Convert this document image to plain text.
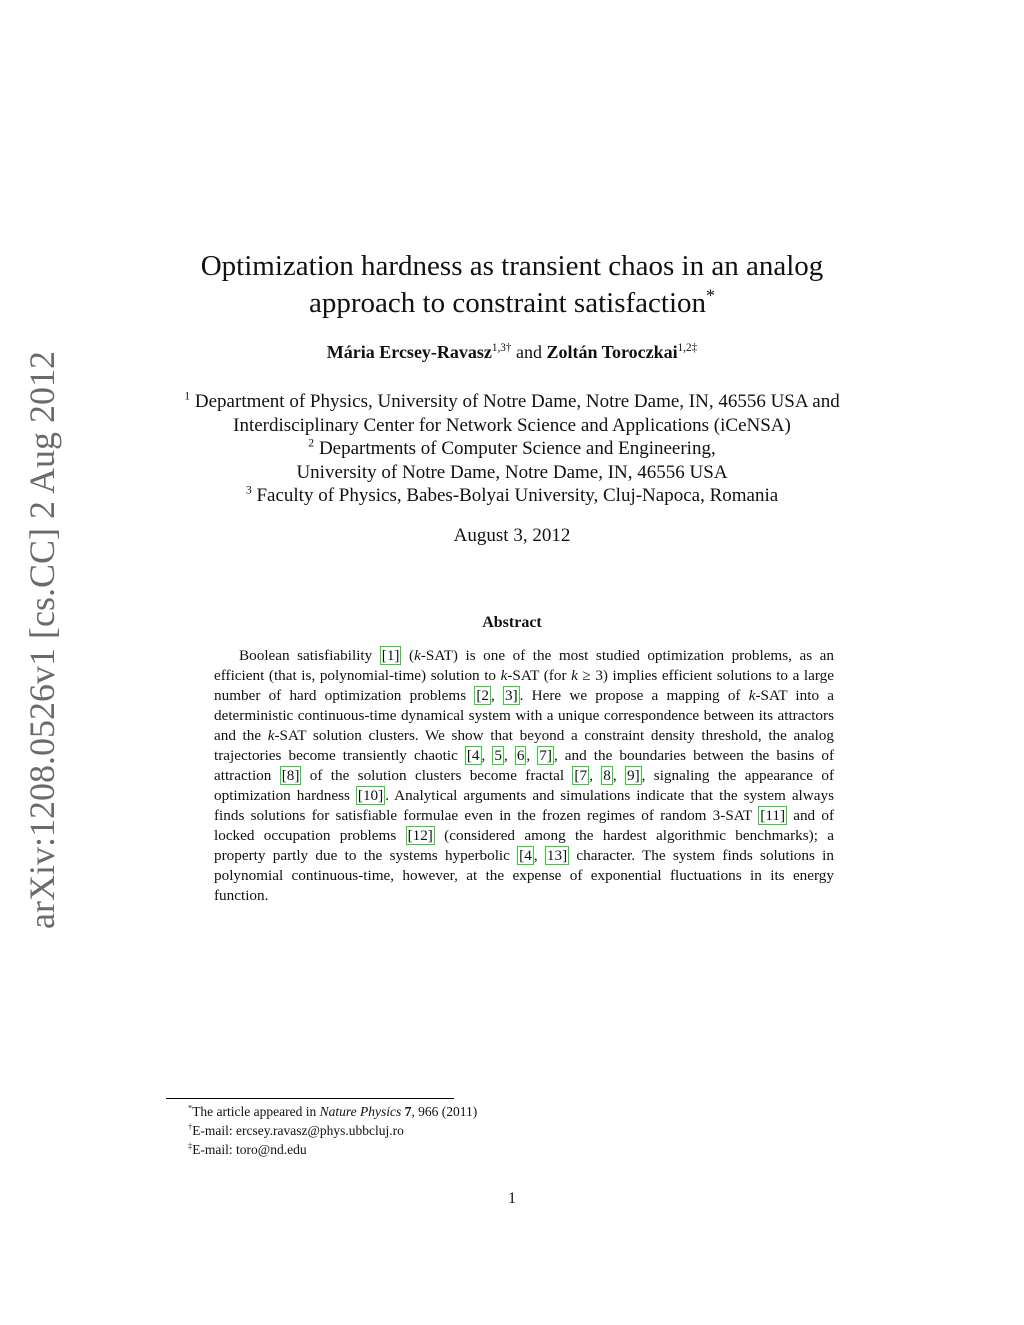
arXiv:1208.0526v1 [cs.CC] 2 Aug 2012
Optimization hardness as transient chaos in an analog
approach to constraint satisfaction*
Mária Ercsey-Ravasz$^{1,3\dagger}$ and Zoltán Toroczkai$^{1,2\ddagger}$
$^1$ Department of Physics, University of Notre Dame, Notre Dame, IN, 46556 USA and
Interdisciplinary Center for Network Science and Applications (iCeNSA)
$^2$ Departments of Computer Science and Engineering,
University of Notre Dame, Notre Dame, IN, 46556 USA
$^3$ Faculty of Physics, Babes-Bolyai University, Cluj-Napoca, Romania
August 3, 2012
Abstract

Boolean satisfiability [1] (k-SAT) is one of the most studied optimization problems, as an efficient (that is, polynomial-time) solution to k-SAT (for k ≥ 3) implies efficient solutions to a large number of hard optimization problems [2 , 3] . Here we propose a mapping of k-SAT into a deterministic continuous-time dynamical system with a unique correspondence between its attractors and the k-SAT solution clusters. We show that beyond a constraint density threshold, the analog trajectories become transiently chaotic [4 , 5 , 6 , 7] , and the boundaries between the basins of attraction [8] of the solution clusters become fractal [7 , 8 , 9] , signaling the appearance of optimization hardness [10] . Analytical arguments and simulations indicate that the system always finds solutions for satisfiable formulae even in the frozen regimes of random 3-SAT [11] and of locked occupation problems [12] (considered among the hardest algorithmic benchmarks); a property partly due to the systems hyperbolic [4 , 13] character. The system finds solutions in polynomial continuous-time, however, at the expense of exponential fluctuations in its energy function.

*The article appeared in Nature Physics 7, 966 (2011)
†E-mail: ercsey.ravasz@phys.ubbcluj.ro
‡E-mail: toro@nd.edu
1
